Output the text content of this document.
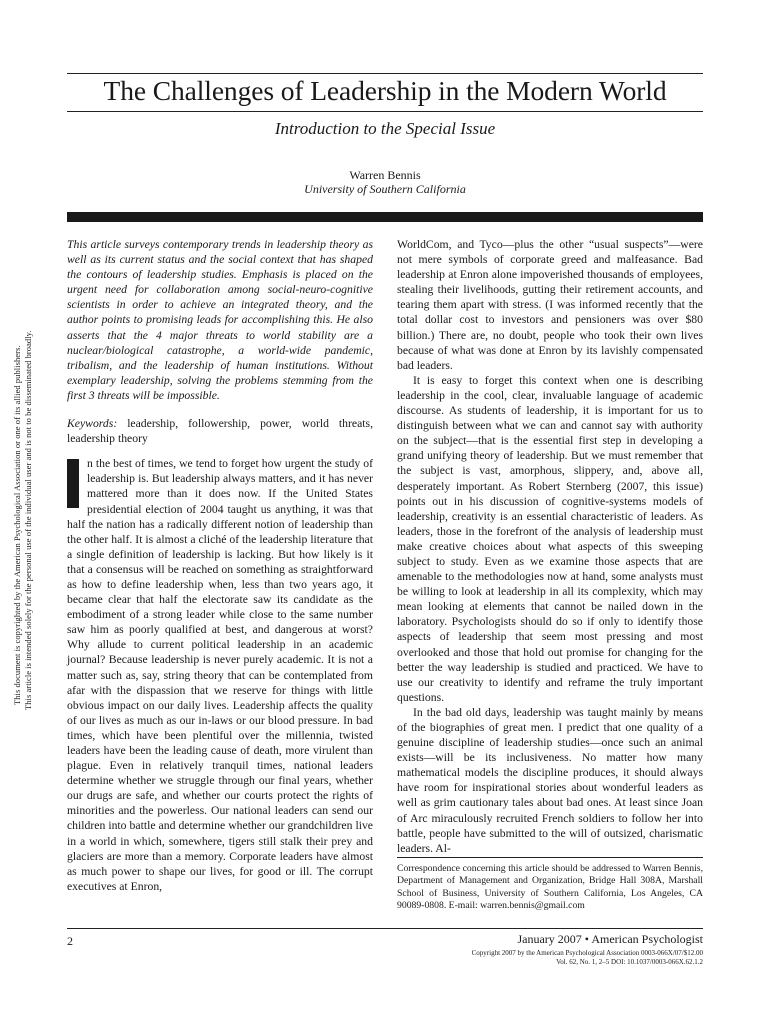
This document is copyrighted by the American Psychological Association or one of its allied publishers. This article is intended solely for the personal use of the individual user and is not to be disseminated broadly.
The Challenges of Leadership in the Modern World
Introduction to the Special Issue
Warren Bennis
University of Southern California

This article surveys contemporary trends in leadership theory as well as its current status and the social context that has shaped the contours of leadership studies. Emphasis is placed on the urgent need for collaboration among social-neuro-cognitive scientists in order to achieve an integrated theory, and the author points to promising leads for accomplishing this. He also asserts that the 4 major threats to world stability are a nuclear/biological catastrophe, a world-wide pandemic, tribalism, and the leadership of human institutions. Without exemplary leadership, solving the problems stemming from the first 3 threats will be impossible.

Keywords: leadership, followership, power, world threats, leadership theory

n the best of times, we tend to forget how urgent the study of leadership is. But leadership always matters, and it has never mattered more than it does now. If the United States presidential election of 2004 taught us anything, it was that half the nation has a radically different notion of leadership than the other half. It is almost a cliché of the leadership literature that a single definition of leadership is lacking. But how likely is it that a consensus will be reached on something as straightforward as how to define leadership when, less than two years ago, it became clear that half the electorate saw its candidate as the embodiment of a strong leader while close to the same number saw him as poorly qualified at best, and dangerous at worst? Why allude to current political leadership in an academic journal? Because leadership is never purely academic. It is not a matter such as, say, string theory that can be contemplated from afar with the dispassion that we reserve for things with little obvious impact on our daily lives. Leadership affects the quality of our lives as much as our in-laws or our blood pressure. In bad times, which have been plentiful over the millennia, twisted leaders have been the leading cause of death, more virulent than plague. Even in relatively tranquil times, national leaders determine whether we struggle through our final years, whether our drugs are safe, and whether our courts protect the rights of minorities and the powerless. Our national leaders can send our children into battle and determine whether our grandchildren live in a world in which, somewhere, tigers still stalk their prey and glaciers are more than a memory. Corporate leaders have almost as much power to shape our lives, for good or ill. The corrupt executives at Enron,

WorldCom, and Tyco—plus the other “usual suspects”—were not mere symbols of corporate greed and malfeasance. Bad leadership at Enron alone impoverished thousands of employees, stealing their livelihoods, gutting their retirement accounts, and tearing them apart with stress. (I was informed recently that the total dollar cost to investors and pensioners was over $80 billion.) There are, no doubt, people who took their own lives because of what was done at Enron by its lavishly compensated bad leaders.

It is easy to forget this context when one is describing leadership in the cool, clear, invaluable language of academic discourse. As students of leadership, it is important for us to distinguish between what we can and cannot say with authority on the subject—that is the essential first step in developing a grand unifying theory of leadership. But we must remember that the subject is vast, amorphous, slippery, and, above all, desperately important. As Robert Sternberg (2007, this issue) points out in his discussion of cognitive-systems models of leadership, creativity is an essential characteristic of leaders. As leaders, those in the forefront of the analysis of leadership must make creative choices about what aspects of this sweeping subject to study. Even as we examine those aspects that are amenable to the methodologies now at hand, some analysts must be willing to look at leadership in all its complexity, which may mean looking at elements that cannot be nailed down in the laboratory. Psychologists should do so if only to identify those aspects of leadership that seem most pressing and most overlooked and those that hold out promise for changing for the better the way leadership is studied and practiced. We have to use our creativity to identify and reframe the truly important questions.

In the bad old days, leadership was taught mainly by means of the biographies of great men. I predict that one quality of a genuine discipline of leadership studies—once such an animal exists—will be its inclusiveness. No matter how many mathematical models the discipline produces, it should always have room for inspirational stories about wonderful leaders as well as grim cautionary tales about bad ones. At least since Joan of Arc miraculously recruited French soldiers to follow her into battle, people have submitted to the will of outsized, charismatic leaders. Al-

Correspondence concerning this article should be addressed to Warren Bennis, Department of Management and Organization, Bridge Hall 308A, Marshall School of Business, University of Southern California, Los Angeles, CA 90089-0808. E-mail: warren.bennis@gmail.com
2	January 2007 • American Psychologist
Copyright 2007 by the American Psychological Association 0003-066X/07/$12.00
Vol. 62, No. 1, 2–5 DOI: 10.1037/0003-066X.62.1.2
